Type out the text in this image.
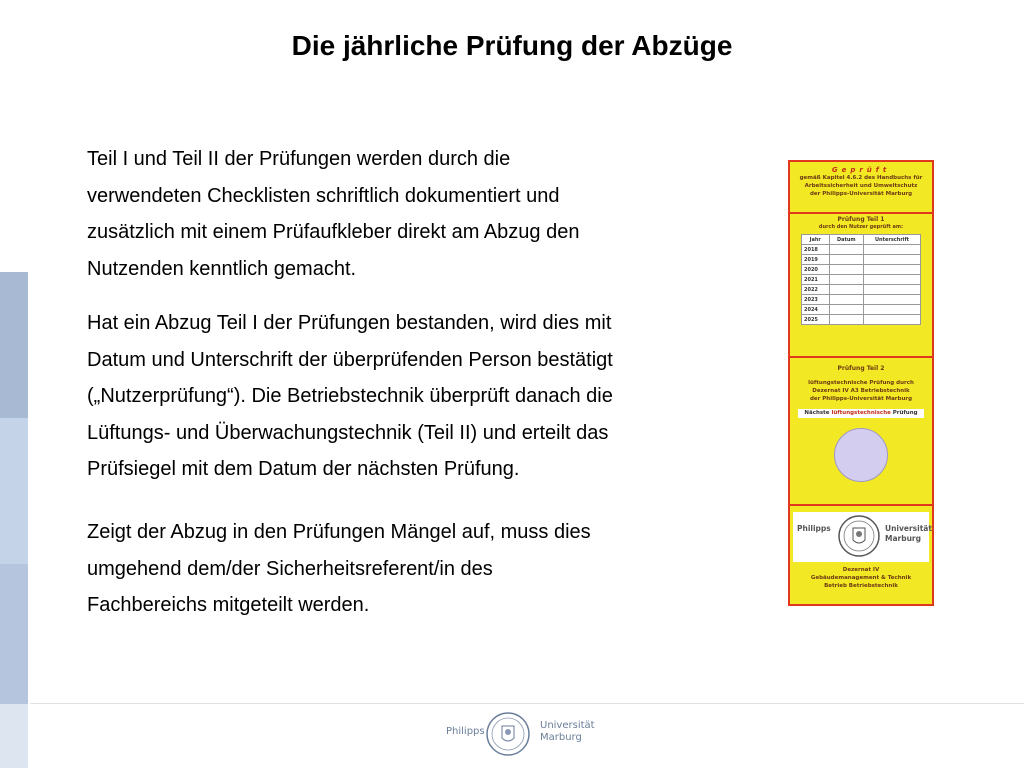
Die jährliche Prüfung der Abzüge

Teil I und Teil II der Prüfungen werden durch die
verwendeten Checklisten schriftlich dokumentiert und
zusätzlich mit einem Prüfaufkleber direkt am Abzug den
Nutzenden kenntlich gemacht.

Hat ein Abzug Teil I der Prüfungen bestanden, wird dies mit
Datum und Unterschrift der überprüfenden Person bestätigt
(„Nutzerprüfung“). Die Betriebstechnik überprüft danach die
Lüftungs- und Überwachungstechnik (Teil II) und erteilt das
Prüfsiegel mit dem Datum der nächsten Prüfung.

Zeigt der Abzug in den Prüfungen Mängel auf, muss dies
umgehend dem/der Sicherheitsreferent/in des
Fachbereichs mitgeteilt werden.

Geprüft
gemäß Kapitel 4.6.2 des Handbuchs für
Arbeitssicherheit und Umweltschutz
der Philipps-Universität Marburg
Prüfung Teil 1
durch den Nutzer geprüft am:
Jahr	Datum	Unterschrift
2018		
2019		
2020		
2021		
2022		
2023		
2024		
2025		
Prüfung Teil 2
lüftungstechnische Prüfung durch
Dezernat IV A3 Betriebstechnik
der Philipps-Universität Marburg
Nächste lüftungstechnische Prüfung
Philipps	Universität
Marburg
Dezernat IV
Gebäudemanagement & Technik
Betrieb Betriebstechnik
Philipps
Universität
Marburg
